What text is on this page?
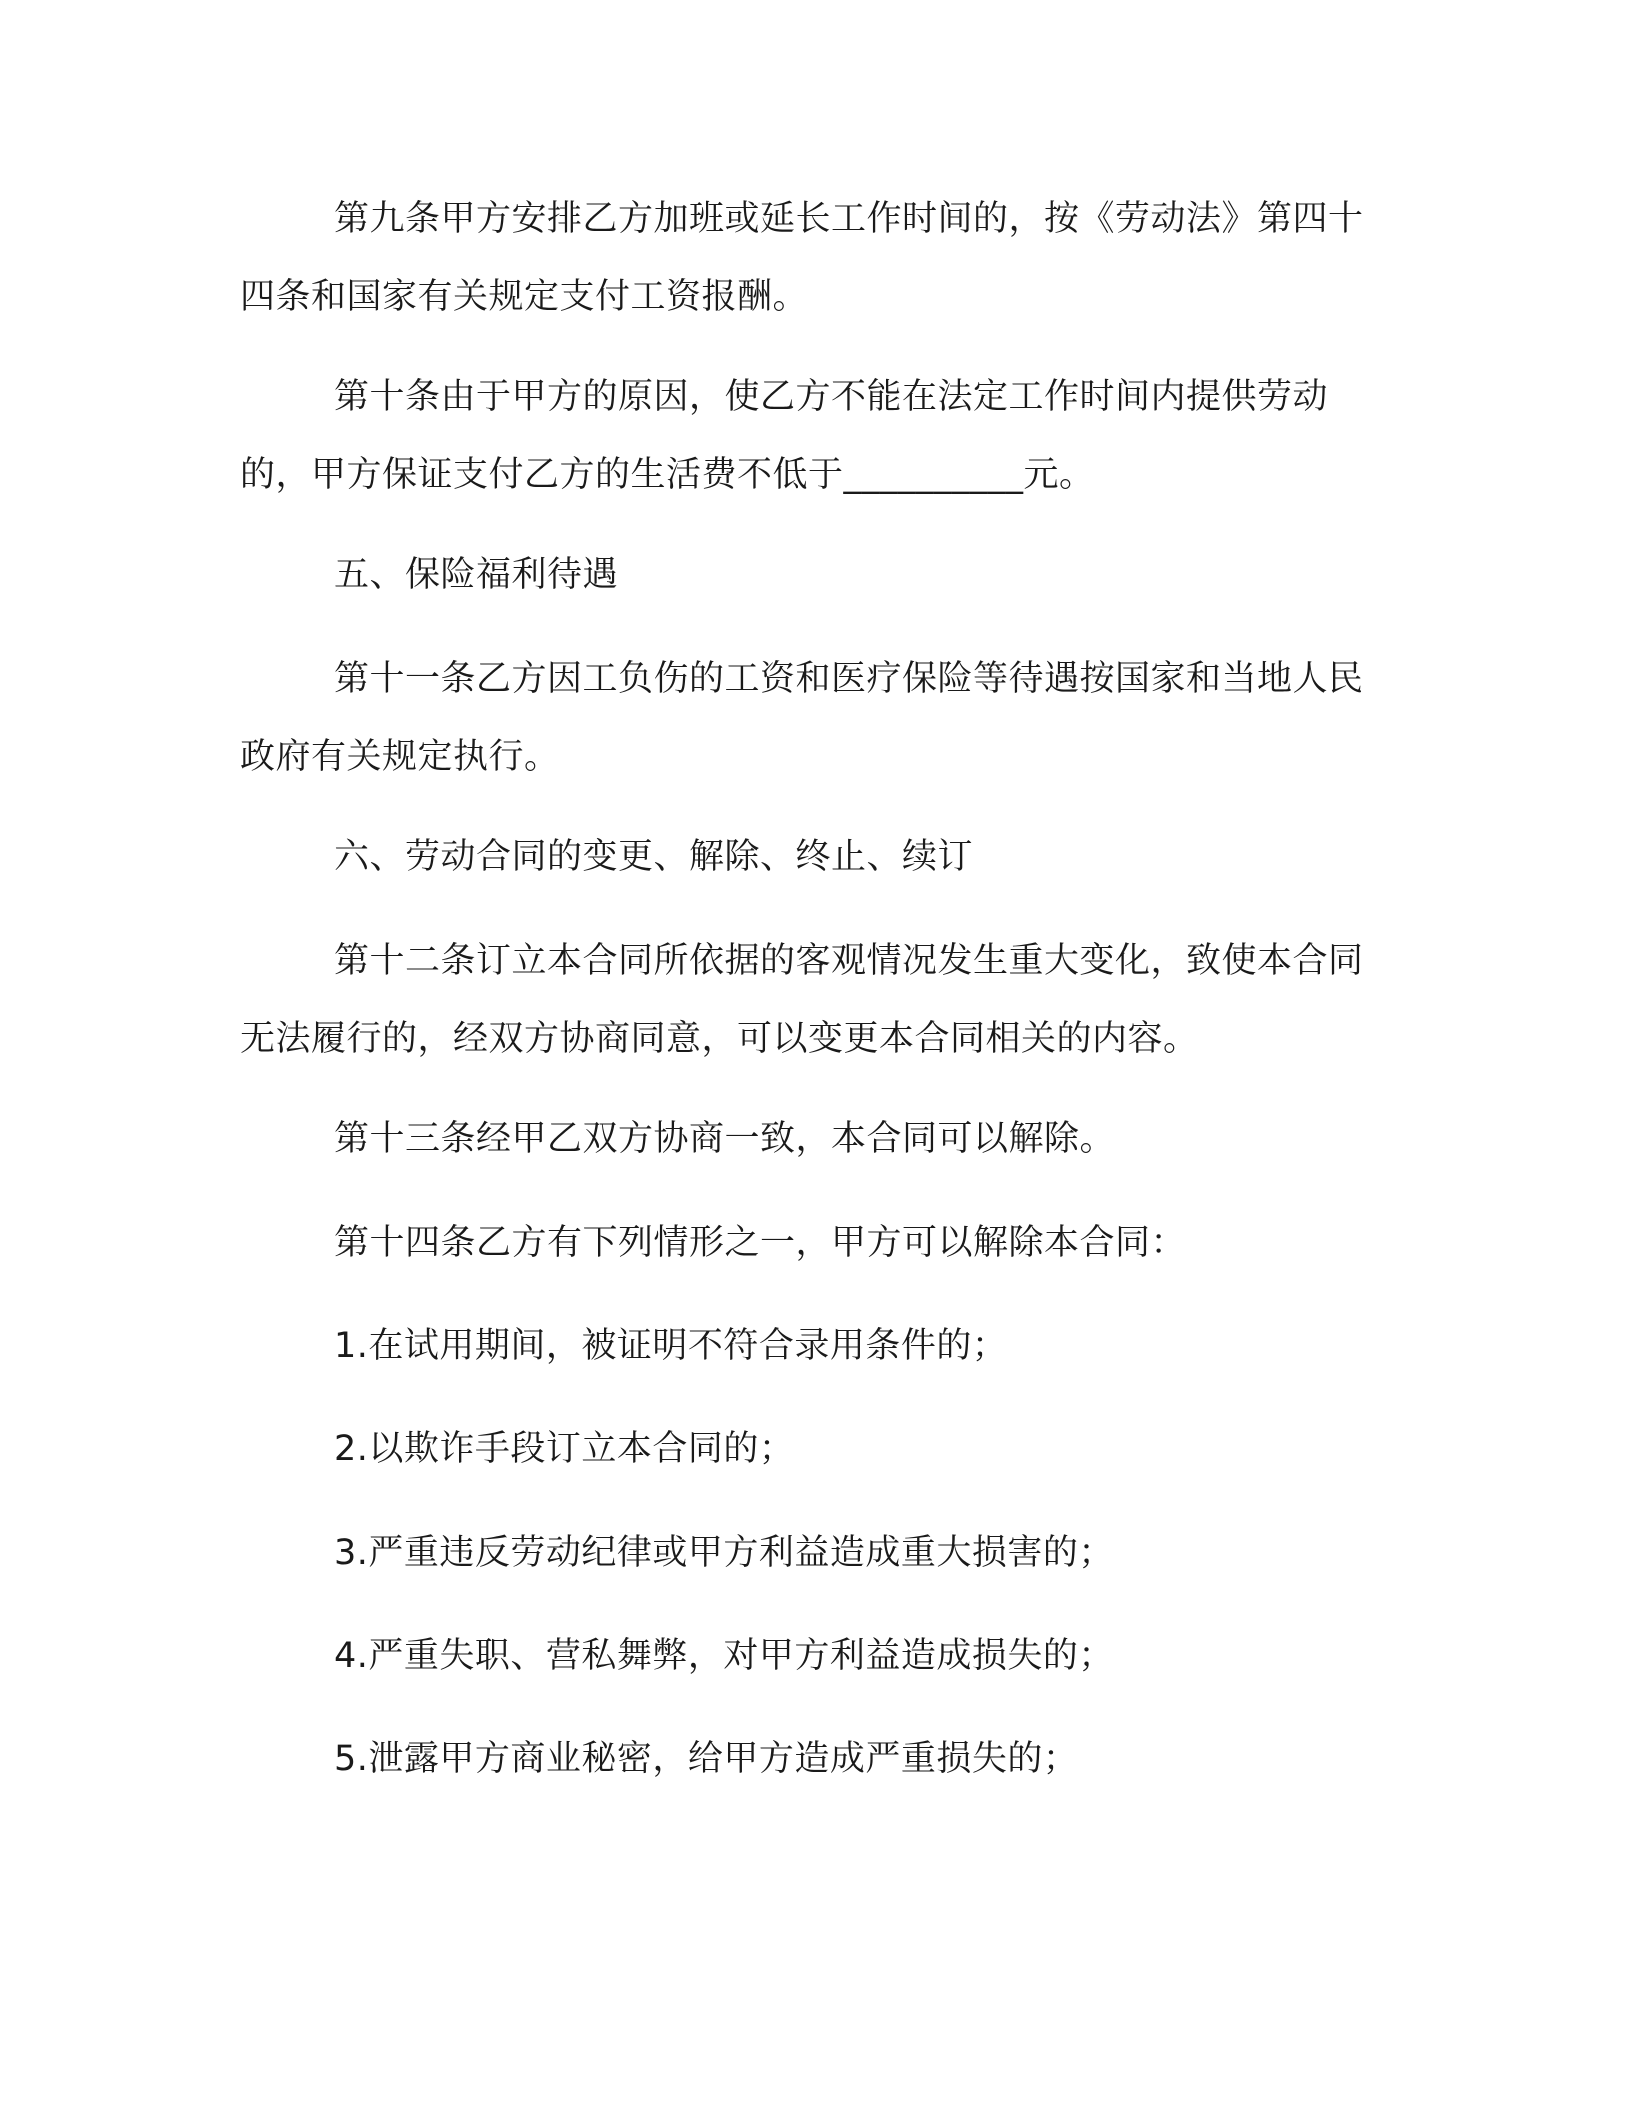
第九条甲方安排乙方加班或延长工作时间的，按《劳动法》第四十四条和国家有关规定支付工资报酬。

第十条由于甲方的原因，使乙方不能在法定工作时间内提供劳动的，甲方保证支付乙方的生活费不低于__________元。

五、保险福利待遇

第十一条乙方因工负伤的工资和医疗保险等待遇按国家和当地人民政府有关规定执行。

六、劳动合同的变更、解除、终止、续订

第十二条订立本合同所依据的客观情况发生重大变化，致使本合同无法履行的，经双方协商同意，可以变更本合同相关的内容。

第十三条经甲乙双方协商一致，本合同可以解除。

第十四条乙方有下列情形之一，甲方可以解除本合同：

1.在试用期间，被证明不符合录用条件的；

2.以欺诈手段订立本合同的；

3.严重违反劳动纪律或甲方利益造成重大损害的；

4.严重失职、营私舞弊，对甲方利益造成损失的；

5.泄露甲方商业秘密，给甲方造成严重损失的；
